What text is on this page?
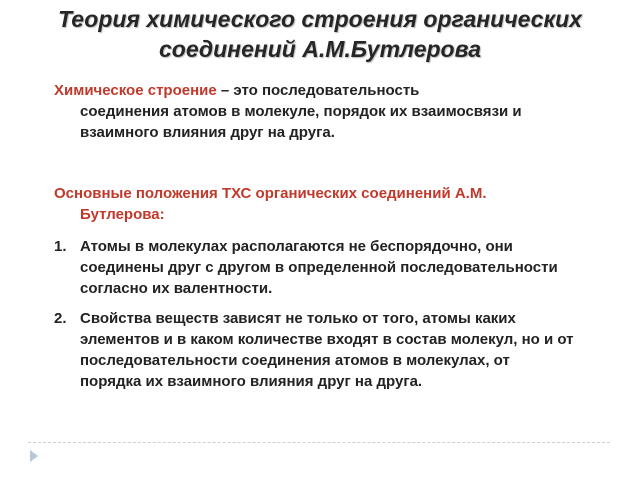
Теория химического строения органических
соединений А.М.Бутлерова

Химическое строение – это последовательность
соединения атомов в молекуле, порядок их взаимосвязи и взаимного влияния друг на друга.

Основные положения ТХС органических соединений А.М.
Бутлерова:

1. Атомы в молекулах располагаются не беспорядочно, они соединены друг с другом в определенной последовательности согласно их валентности.
2. Свойства веществ зависят не только от того, атомы каких элементов и в каком количестве входят в состав молекул, но и от последовательности соединения атомов в молекулах, от порядка их взаимного влияния друг на друга.
